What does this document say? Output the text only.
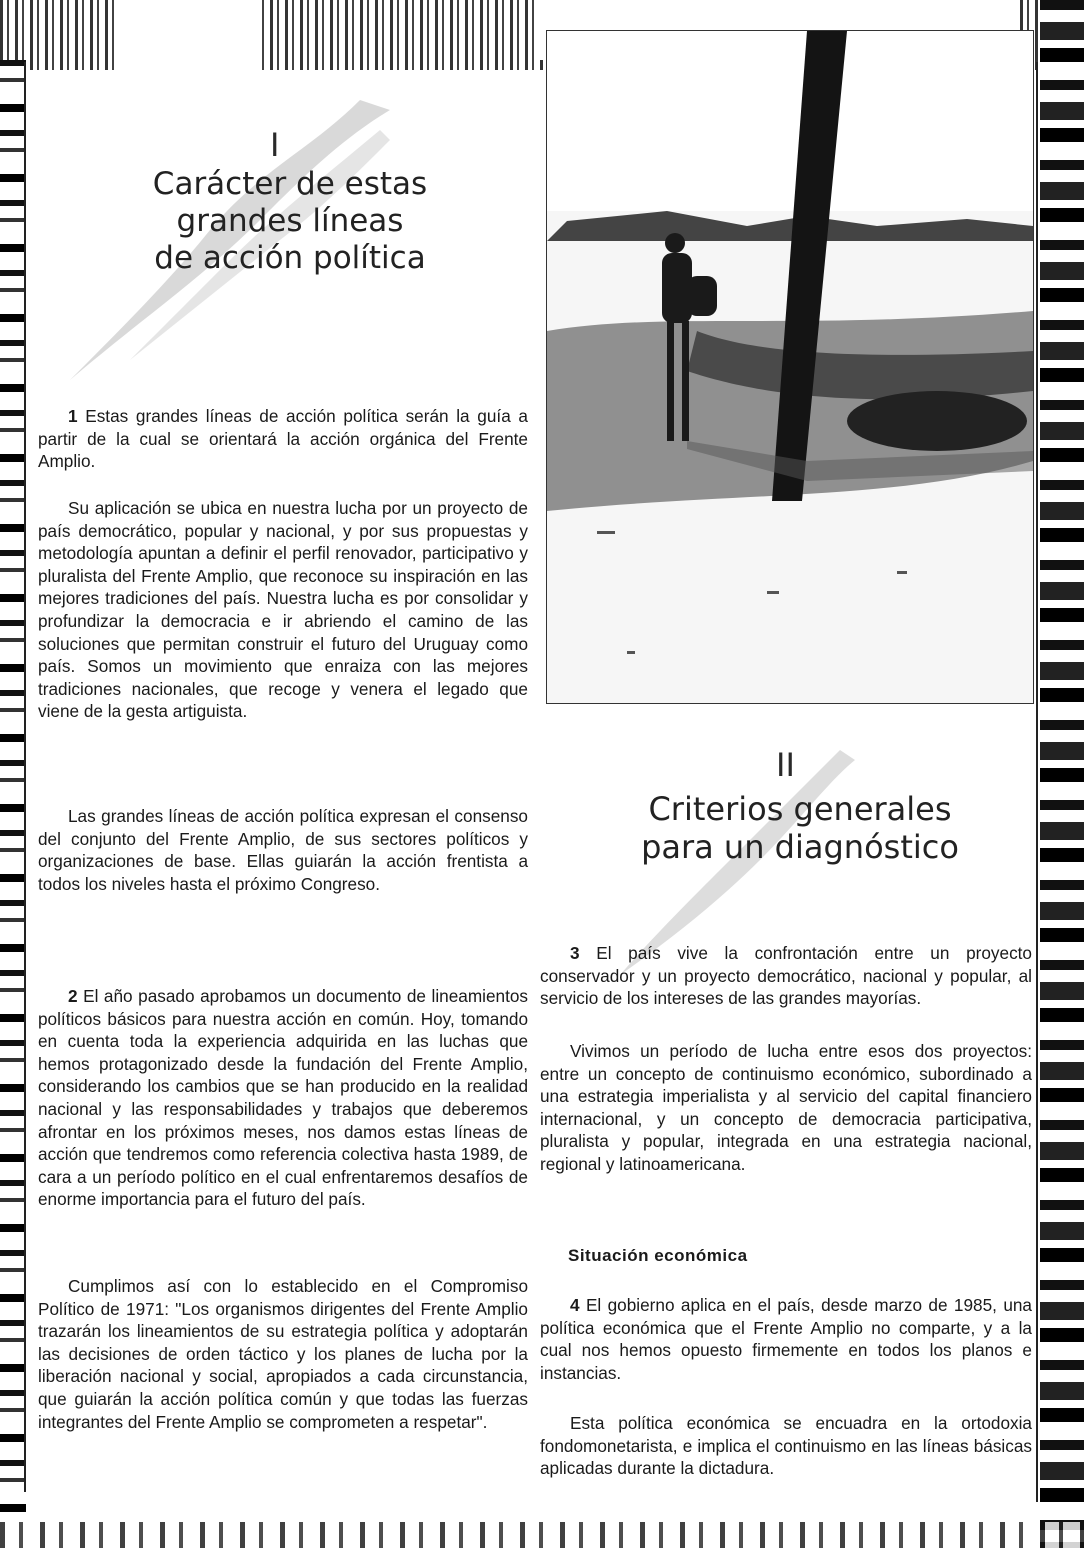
I
Carácter de estas
grandes líneas
de acción política
1 Estas grandes líneas de acción política serán la guía a partir de la cual se orientará la acción orgánica del Frente Amplio.
Su aplicación se ubica en nuestra lucha por un proyecto de país democrático, popular y nacional, y por sus propuestas y metodología apuntan a definir el perfil renovador, participativo y pluralista del Frente Amplio, que reconoce su inspiración en las mejores tradiciones del país. Nuestra lucha es por consolidar y profundizar la democracia e ir abriendo el camino de las soluciones que permitan construir el futuro del Uruguay como país. Somos un movimiento que enraiza con las mejores tradiciones nacionales, que recoge y venera el legado que viene de la gesta artiguista.
Las grandes líneas de acción política expresan el consenso del conjunto del Frente Amplio, de sus sectores políticos y organizaciones de base. Ellas guiarán la acción frentista a todos los niveles hasta el próximo Congreso.
2 El año pasado aprobamos un documento de lineamientos políticos básicos para nuestra acción en común. Hoy, tomando en cuenta toda la experiencia adquirida en las luchas que hemos protagonizado desde la fundación del Frente Amplio, considerando los cambios que se han producido en la realidad nacional y las responsabilidades y trabajos que deberemos afrontar en los próximos meses, nos damos estas líneas de acción que tendremos como referencia colectiva hasta 1989, de cara a un período político en el cual enfrentaremos desafíos de enorme importancia para el futuro del país.
Cumplimos así con lo establecido en el Compromiso Político de 1971: "Los organismos dirigentes del Frente Amplio trazarán los lineamientos de su estrategia política y adoptarán las decisiones de orden táctico y los planes de lucha por la liberación nacional y social, apropiados a cada circunstancia, que guiarán la acción política común y que todas las fuerzas integrantes del Frente Amplio se comprometen a respetar".
II
Criterios generales
para un diagnóstico
3 El país vive la confrontación entre un proyecto conservador y un proyecto democrático, nacional y popular, al servicio de los intereses de las grandes mayorías.
Vivimos un período de lucha entre esos dos proyectos: entre un concepto de continuismo económico, subordinado a una estrategia imperialista y al servicio del capital financiero internacional, y un concepto de democracia participativa, pluralista y popular, integrada en una estrategia nacional, regional y latinoamericana.
Situación económica
4 El gobierno aplica en el país, desde marzo de 1985, una política económica que el Frente Amplio no comparte, y a la cual nos hemos opuesto firmemente en todos los planos e instancias.
Esta política económica se encuadra en la ortodoxia fondomonetarista, e implica el continuismo en las líneas básicas aplicadas durante la dictadura.
